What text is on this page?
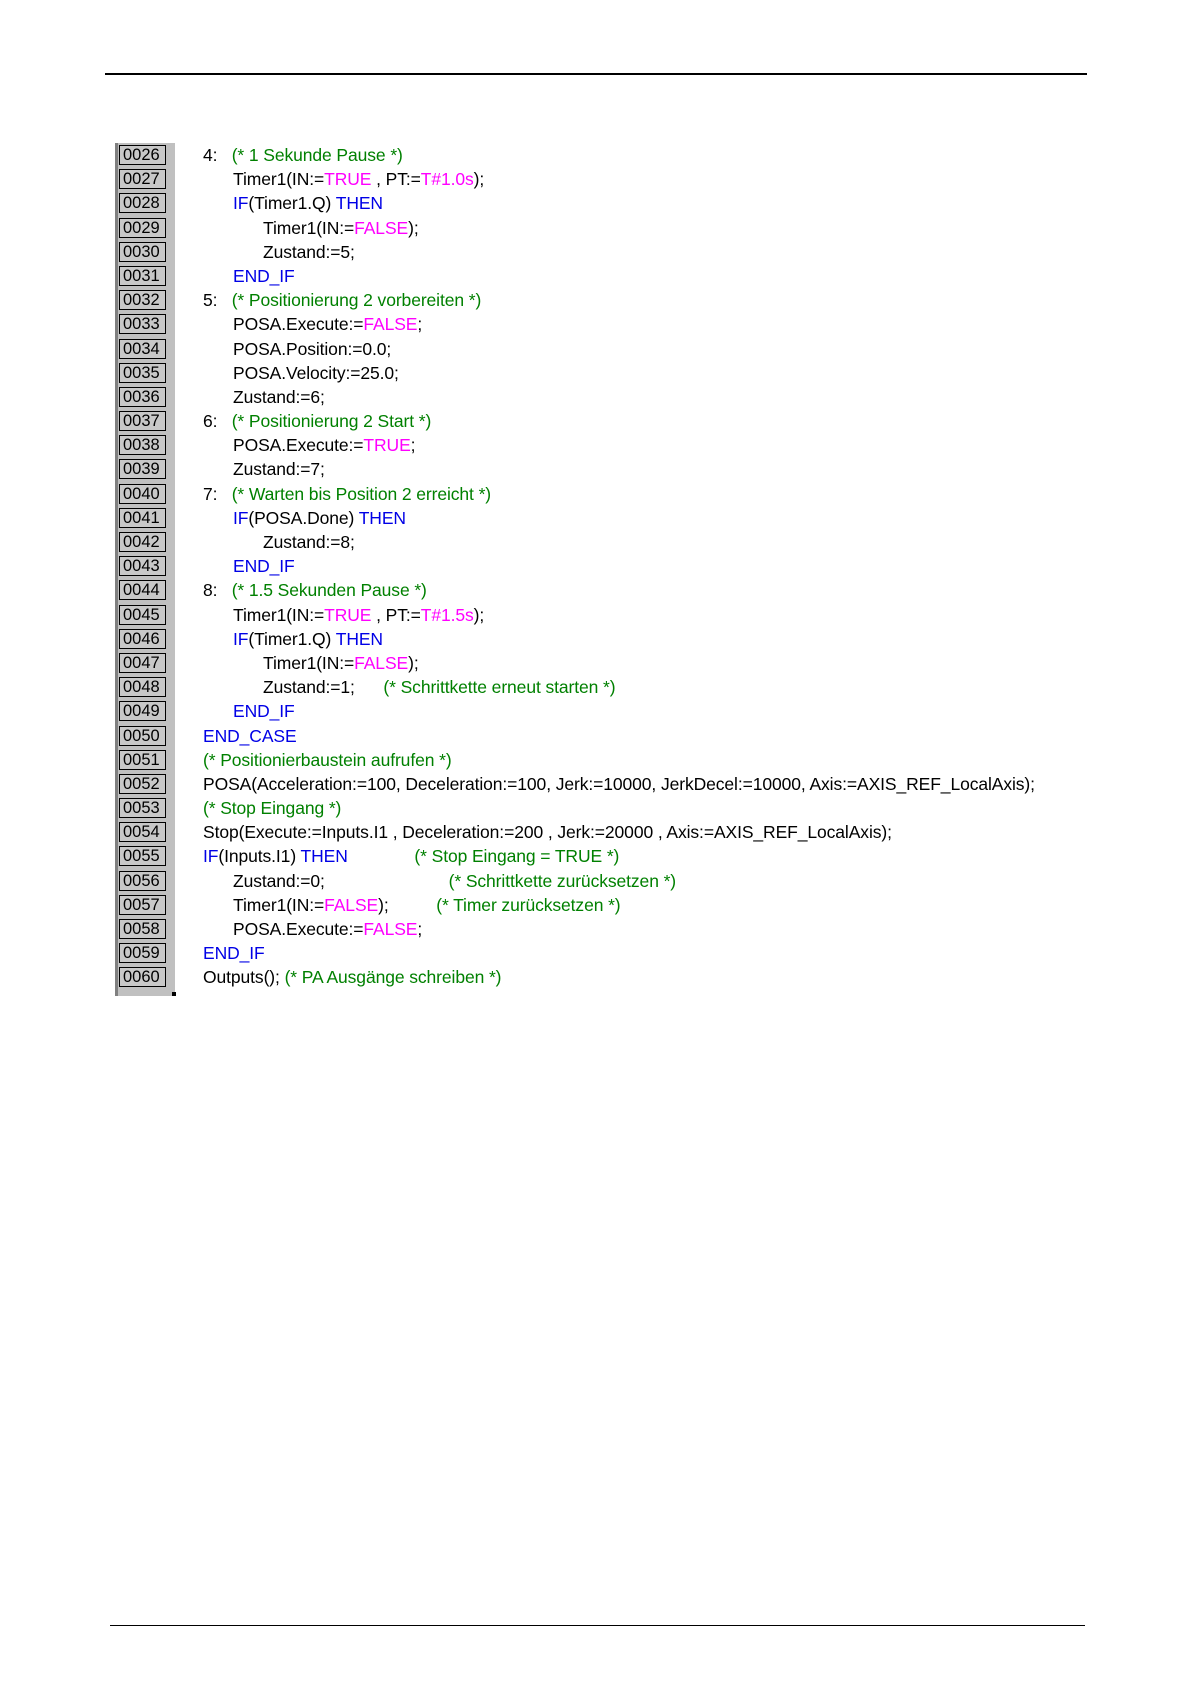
0026	4:   (* 1 Sekunde Pause *)
0027	Timer1(IN:=TRUE , PT:=T#1.0s);
0028	IF(Timer1.Q) THEN
0029	Timer1(IN:=FALSE);
0030	Zustand:=5;
0031	END_IF
0032	5:   (* Positionierung 2 vorbereiten *)
0033	POSA.Execute:=FALSE;
0034	POSA.Position:=0.0;
0035	POSA.Velocity:=25.0;
0036	Zustand:=6;
0037	6:   (* Positionierung 2 Start *)
0038	POSA.Execute:=TRUE;
0039	Zustand:=7;
0040	7:   (* Warten bis Position 2 erreicht *)
0041	IF(POSA.Done) THEN
0042	Zustand:=8;
0043	END_IF
0044	8:   (* 1.5 Sekunden Pause *)
0045	Timer1(IN:=TRUE , PT:=T#1.5s);
0046	IF(Timer1.Q) THEN
0047	Timer1(IN:=FALSE);
0048	Zustand:=1;      (* Schrittkette erneut starten *)
0049	END_IF
0050	END_CASE
0051	(* Positionierbaustein aufrufen *)
0052	POSA(Acceleration:=100, Deceleration:=100, Jerk:=10000, JerkDecel:=10000, Axis:=AXIS_REF_LocalAxis);
0053	(* Stop Eingang *)
0054	Stop(Execute:=Inputs.I1 , Deceleration:=200 , Jerk:=20000 , Axis:=AXIS_REF_LocalAxis);
0055	IF(Inputs.I1) THEN	(* Stop Eingang = TRUE *)
0056	Zustand:=0;                          (* Schrittkette zurücksetzen *)
0057	Timer1(IN:=FALSE);          (* Timer zurücksetzen *)
0058	POSA.Execute:=FALSE;
0059	END_IF
0060	Outputs(); (* PA Ausgänge schreiben *)
